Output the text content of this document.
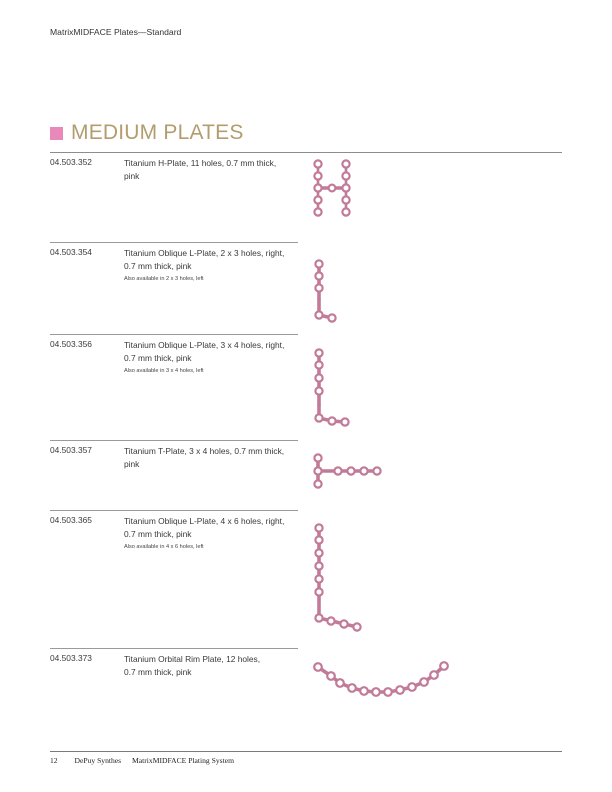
MatrixMIDFACE Plates—Standard
MEDIUM PLATES
04.503.352	Titanium H-Plate, 11 holes, 0.7 mm thick,
pink
04.503.354	Titanium Oblique L-Plate, 2 x 3 holes, right,
0.7 mm thick, pink
Also available in 2 x 3 holes, left
04.503.356	Titanium Oblique L-Plate, 3 x 4 holes, right,
0.7 mm thick, pink
Also available in 3 x 4 holes, left
04.503.357	Titanium T-Plate, 3 x 4 holes, 0.7 mm thick,
pink
04.503.365	Titanium Oblique L-Plate, 4 x 6 holes, right,
0.7 mm thick, pink
Also available in 4 x 6 holes, left
04.503.373	Titanium Orbital Rim Plate, 12 holes,
0.7 mm thick, pink
12 DePuy Synthes MatrixMIDFACE Plating System
